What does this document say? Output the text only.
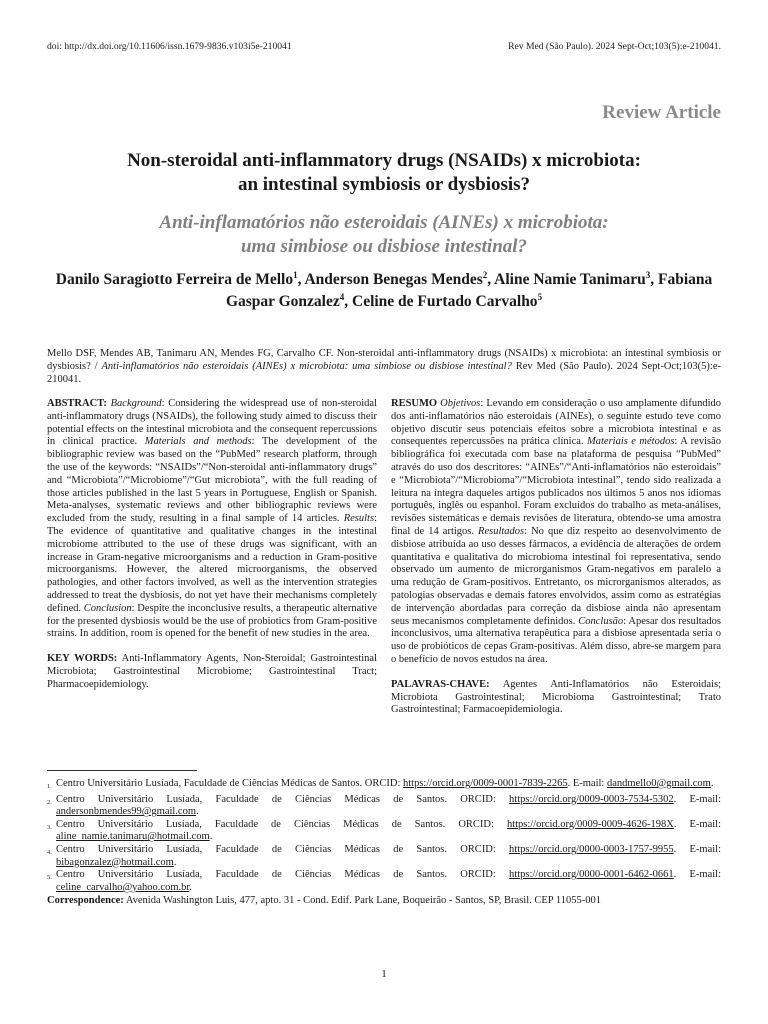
doi: http://dx.doi.org/10.11606/issn.1679-9836.v103i5e-210041	Rev Med (São Paulo). 2024 Sept-Oct;103(5):e-210041.
Review Article
Non-steroidal anti-inflammatory drugs (NSAIDs) x microbiota:
an intestinal symbiosis or dysbiosis?
Anti-inflamatórios não esteroidais (AINEs) x microbiota:
uma simbiose ou disbiose intestinal?
Danilo Saragiotto Ferreira de Mello$^1$, Anderson Benegas Mendes$^2$, Aline Namie Tanimaru$^3$, Fabiana Gaspar Gonzalez$^4$, Celine de Furtado Carvalho$^5$
Mello DSF, Mendes AB, Tanimaru AN, Mendes FG, Carvalho CF. Non-steroidal anti-inflammatory drugs (NSAIDs) x microbiota: an intestinal symbiosis or dysbiosis? / Anti-inflamatórios não esteroidais (AINEs) x microbiota: uma simbiose ou disbiose intestinal? Rev Med (São Paulo). 2024 Sept-Oct;103(5):e-210041.

ABSTRACT: Background: Considering the widespread use of non-steroidal anti-inflammatory drugs (NSAIDs), the following study aimed to discuss their potential effects on the intestinal microbiota and the consequent repercussions in clinical practice. Materials and methods: The development of the bibliographic review was based on the “PubMed” research platform, through the use of the keywords: “NSAIDs”/“Non-steroidal anti-inflammatory drugs” and “Microbiota”/“Microbiome”/“Gut microbiota”, with the full reading of those articles published in the last 5 years in Portuguese, English or Spanish. Meta-analyses, systematic reviews and other bibliographic reviews were excluded from the study, resulting in a final sample of 14 articles. Results: The evidence of quantitative and qualitative changes in the intestinal microbiome attributed to the use of these drugs was significant, with an increase in Gram-negative microorganisms and a reduction in Gram-positive microorganisms. However, the altered microorganisms, the observed pathologies, and other factors involved, as well as the intervention strategies addressed to treat the dysbiosis, do not yet have their mechanisms completely defined. Conclusion: Despite the inconclusive results, a therapeutic alternative for the presented dysbiosis would be the use of probiotics from Gram-positive strains. In addition, room is opened for the benefit of new studies in the area.

KEY WORDS: Anti-Inflammatory Agents, Non-Steroidal; Gastrointestinal Microbiota; Gastrointestinal Microbiome; Gastrointestinal Tract; Pharmacoepidemiology.

RESUMO Objetivos: Levando em consideração o uso amplamente difundido dos anti-inflamatórios não esteroidais (AINEs), o seguinte estudo teve como objetivo discutir seus potenciais efeitos sobre a microbiota intestinal e as consequentes repercussões na prática clínica. Materiais e métodos: A revisão bibliográfica foi executada com base na plataforma de pesquisa “PubMed” através do uso dos descritores: “AINEs”/“Anti-inflamatórios não esteroidais” e “Microbiota”/“Microbioma”/“Microbiota intestinal”, tendo sido realizada a leitura na íntegra daqueles artigos publicados nos últimos 5 anos nos idiomas português, inglês ou espanhol. Foram excluídos do trabalho as meta-análises, revisões sistemáticas e demais revisões de literatura, obtendo-se uma amostra final de 14 artigos. Resultados: No que diz respeito ao desenvolvimento de disbiose atribuída ao uso desses fármacos, a evidência de alterações de ordem quantitativa e qualitativa do microbioma intestinal foi representativa, sendo observado um aumento de microrganismos Gram-negativos em paralelo a uma redução de Gram-positivos. Entretanto, os microrganismos alterados, as patologias observadas e demais fatores envolvidos, assim como as estratégias de intervenção abordadas para correção da disbiose ainda não apresentam seus mecanismos completamente definidos. Conclusão: Apesar dos resultados inconclusivos, uma alternativa terapêutica para a disbiose apresentada seria o uso de probióticos de cepas Gram-positivas. Além disso, abre-se margem para o benefício de novos estudos na área.

PALAVRAS-CHAVE: Agentes Anti-Inflamatórios não Esteroidais; Microbiota Gastrointestinal; Microbioma Gastrointestinal; Trato Gastrointestinal; Farmacoepidemiologia.

1. Centro Universitário Lusíada, Faculdade de Ciências Médicas de Santos. ORCID: https://orcid.org/0009-0001-7839-2265. E-mail: dandmello0@gmail.com.
2. Centro Universitário Lusíada, Faculdade de Ciências Médicas de Santos. ORCID: https://orcid.org/0009-0003-7534-5302. E-mail: andersonbmendes99@gmail.com.
3. Centro Universitário Lusíada, Faculdade de Ciências Médicas de Santos. ORCID: https://orcid.org/0009-0009-4626-198X. E-mail: aline_namie.tanimaru@hotmail.com.
4. Centro Universitário Lusíada, Faculdade de Ciências Médicas de Santos. ORCID: https://orcid.org/0000-0003-1757-9955. E-mail: bibagonzalez@hotmail.com.
5. Centro Universitário Lusíada, Faculdade de Ciências Médicas de Santos. ORCID: https://orcid.org/0000-0001-6462-0661. E-mail: celine_carvalho@yahoo.com.br.
Correspondence: Avenida Washington Luis, 477, apto. 31 - Cond. Edif. Park Lane, Boqueirão - Santos, SP, Brasil. CEP 11055-001
1
